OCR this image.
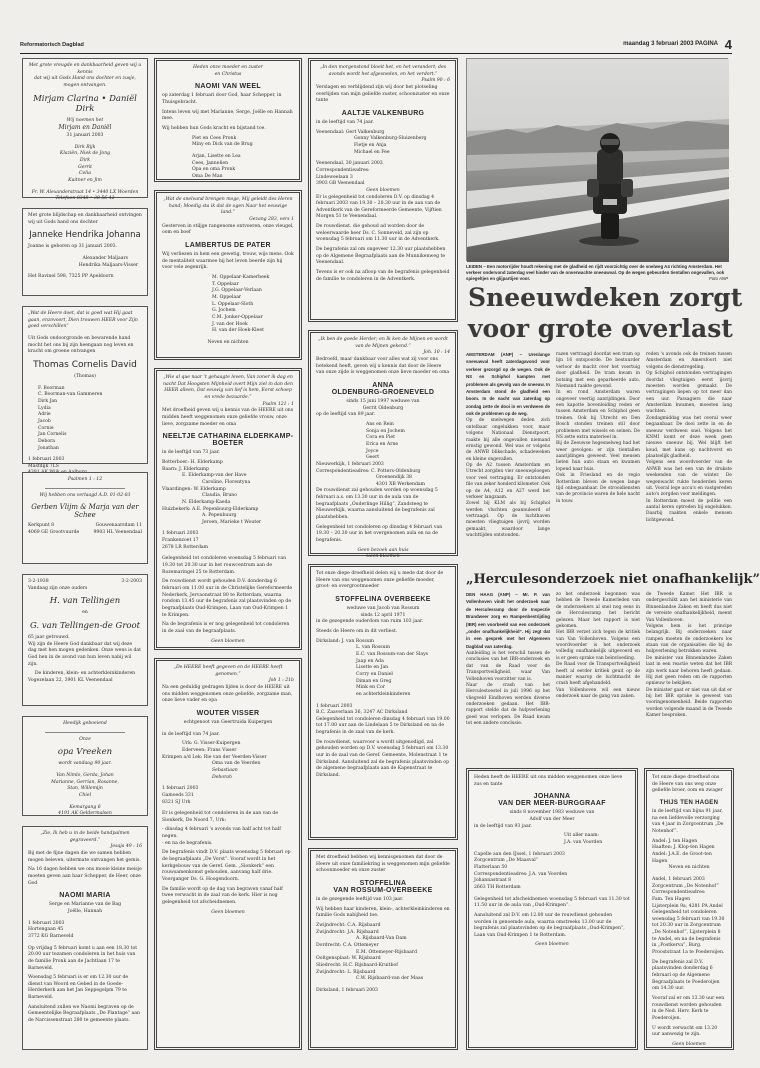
Reformatorisch Dagblad	maandag 3 februari 2003 PAGINA 4
Met grote vreugde en dankbaarheid geven wij u kennis
dat wij uit Gods Hand ons dochter en zusje,
mogen ontvangen.
Mirjam Clarina • Daniël Dirk
Wij noemen het
Mirjam en Daniël
31 januari 2003
Dirk Rijk
Klaziën, Niek de Jong
Dirk
Gerrit
Celia
Kuitner en Jim
Fr. W. Alexanderstraat 14 • 3440 LX Woerden
Telefoon 0348 • 38 56 42
Met grote blijdschap en dankbaarheid ontvingen wij uit Gods hand ons dochter
Janneke Hendrika Johanna
Joanne is geboren op 31 januari 2003.
Alexander Maljaars
Hendrika Maljaars-Visser
Het Ravinel 598, 7325 PP Apeldoorn
„Wat de Heere doet, dat is goed wat Hij gaat gaan, enzovoort, Dien trouwen HEER voor Zijn goed verschillen”
Uit Gods ondoorgronde en bewarende hand mocht het ons bij zijn heengaan nog leven en kracht om groene ontvangen
Thomas Cornelis David
(Thomas)
F. Boorman
C. Boorman-van Gammeren
Dirk Jan
Lydia
Adrie
Jacob
Cornie
Jan Cornelis
Debora
Jonathan
1 februari 2003
Mastdijk 7LS
Psalmen 1 : 12
Wij hebben ons verlaagd A.D. 01-02-03
Gerben Vlijm & Marja van der Schee
Kerkpunt 8	Gouwenaarsdam 11
4069 GE Grootvuurde	9903 HL Veenendaal
3-2-1938	3-2-2003
Vandaag zijn onze ouders
H. van Tellingen
en
G. van Tellingen-de Groot
65 jaar getrouwd.

Wij zijn de Heere God dankbaar dat wij deze dag met hen mogen gedenken. Onze wens is dat God hen in de avond van hun leven nabij wil zijn.

De kinderen, klein- en achterkleinkinderen
Vogezelaan 22, 3901 KL Veenendaal
Heedijk geboeiend
Onze
opa Vreeken
wordt vandaag 90 jaar.
Van Nimlo, Gerda, Johan
Marianne, Gerrian, Rosanne,
Stan, Willemijn
Chiel
Kemargang 6
4191 AK Geldermalsen
„Zie, Ik heb u in de beide handpalmen gegraveerd.”
Jesaja 49 : 16

Bij met de fijne dagen die we samen hebben mogen beleven, uitermate ontvangen het gemis.

Na 16 dagen hebben we ons mooie kleine meisje moeten geven aan haar Schepper, de Heer, onze God

NAOMI MARIA
Serge en Marianne van de Bag
Joëlle, Hannah
1 februari 2003
Hortengaan 45
3772 KG Barneveld

Op vrijdag 5 februari komt u aan een 18.30 tot 20.00 uur tezamen condoleren in het huis van de familie Pronk aan de Jachtlaan 17 te Barneveld.

Woensdag 5 februari is er om 12.30 uur de dienst van Woord en Gebed in de Goede-Herderkerk aan het Jan Seppegelpm 79 te Barneveld.

Aansluitend zullen we Naomi begraven op de Gemeentelijke Begraafplaats „De Plantage” aan de Narcissenstraat 280 te gemeente plaats.

Heden onze moeder en zuster
en Christus
NAOMI VAN WEEL

op zaterdag 1 februari door God, haar Schepper, in Thuisgebracht.

Intens leven wij met Marianne, Serge, Joëlle en Hannah mee.

Wij hebben hun Gods kracht en bijstand toe.

Piet en Cees Pronk
Miny en Dick van de Brug
Arjan, Lisette en Lea
Cees, Jannelien
Opa en oma Pronk
Oma De Man
„Wat de snelvand brengen moge, Mij geleidt des Heren hand; Moedig sta ik dat de ogen Naar het eeuwige land.”
Gezang 283, vers 1

Gesterven in stiljge rangenome ontvoeren, onze vleugel, oom en boef

LAMBERTUS DE PATER

Wij verliezen in hem een gewetig, trouw, wijs mens. Ook de mentaliteit waarmee hij het leven beerde zijn hij voor vele zegenrijk.

M. Oppelaar-Kamerbeek
T. Oppelaar
J.G. Oppelaar-Verlaan
M. Oppelaar
L. Oppelaar-Sloth
G. Jochem
C.M. Jonker-Oppelaar
J. van der Hoek
H. van der Hoek-Kleet
Neven en nichten
„Wie al que naar ’t gehaagte leven, Van zoner ik dag en nacht Dat Hoogsten Mijnheid overt Mijn ziel in dan den HEER alleen, Dat eeuwig van lief is hem, Eerst schoep en vrede bezaarde.”
Psalm 121 : 1

Met droefheid geven wij u kennis van de HEERE uit ons midden heeft weggenomen onze geliefde vrouw, onze lieve, zorgzame moeder en oma

NEELTJE CATHARINA ELDERKAMP-BOETER

in de leeftijd van 73 jaar.

Botterboer: H. Elderkamp
Baarn: J. Elderkamp
E. Elderkamp-van der Have
Caroline, Florentyna
Vlaardingen: W. Elderkamp
Claudia, Bruno
N. Elderkamp-Kaeda
Huizbekerk: A.E. Pepenbuurg-Elderkamp
A. Pepenbuurg
Jeroen, Marieke t Wouter
1 februari 2003
Frankenzoet 17
2678 LR Rotterdam

Gelegenheid tot condoleren woensdag 5 februari van 19.30 tot 20.30 uur in het rouwcentrum aan de Rozemaringel 25 te Rotterdam.

De rouwdienst wordt gehouden D.V. donderdag 6 februari om 11.00 uur in de Christelijke Gereformeerde Nederkerk, Jervaonstraat 80 te Rotterdam, waarna rondom 13.45 uur de begrafenis zal plaatsvinden op de begraafplaats Oud-Krimpen, Laan van Oud-Krimpen 1 te Krimpen.

Na de begrafenis is er nog gelegenheid tot condoleren in de zaal van de begraafplaats.

Geen bloemen
„De HEERE heeft gegeven en de HEERE heeft genomen.”
Job 1 : 21b

Na een geduldig gedragen lijden is door de HEERE uit ons midden weggenomen onze geliefde, zorgzame man, onze lieve vader en opa

WOUTER VISSER
echtgenoot van Geertruida Kuipergen

in de leeftijd van 74 jaar.

Urk: G. Visser-Kuipergen
Ederveen: Frans Visser
Krimpen a/d Lek: Rie van der Veerden-Visser
Oma van de Veerden
Sebastiaan
Deborah
1 februari 2003
Gamoeds 331
8321 SJ Urk

Er is gelegenheid tot condoleren in de aan van de Sionkerk, De Noord 7, Urk:

- dinsdag 4 februari 's avonds van half acht tot half negen.

- en na de begrafenis.

De begrafenis vindt D.V. plaats woensdag 5 februari op de begraafplaats „De Vorst”. Vooraf wordt in het kerkgebouw van de Geref. Gem. „Sionkerk” een rouwsamenkomst gehouden, aanvang half drie. Voorganger Ds. G. Hoogendoorn.

De familie wordt op de dag van begraven vanaf half twee verwacht in de zaal van de kerk. Hier is nog gelegenheid tot afscheidnemen.

Geen bloemen
„In den morgenstond bloeit het, en het verandert; des avonds wordt het afgesneden, en het verdort.”
Psalm 90 : 6

Verslagen en verblijdend zijn wij door het plotseling overlijden van mijn geliefde zuster, schoonzuster en onze tante

AALTJE VALKENBURG

in de leeftijd van 74 jaar.

Veenendaal: Gert Valkenburg
Gonny Valkenburg-Sluizenberg
Fietje en Anja
Michael en Fee
Veenendaal, 30 januari 2003
Correspondentieadres:
Lindeweelaan 3
3903 GB Veenendaal
Geen bloemen

Er is gelegenheid tot condoleren D.V. op dinsdag 4 februari 2003 van 19.30 – 20.30 uur in de aan van de Adventkerk van de Gereformeerde Gemeente, Vijftien Morgen 51 te Veenendaal.

De rouwdienst, die gehoud ad worden door de weleerwaarde heer Ds. C. Sonneveld, zal zijn op woensdag 5 februari om 11.30 uur in de Adventkerk.

De begrafenis zal om ongeveer 12.30 uur plaatshebben op de Algemene Begraafplaats aan de Munnikenweg te Veenendaal.

Tevens is er ook na afloop van de begrafenis gelegenheid de familie te condoleren in de Adventkerk.

„Ik ben de goede Herder; en Ik ken de Mijnen en wordt van de Mijnen gekend.”
Joh. 10 : 14

Bedroefd, maar dankbaar voor alles wat zij voor ons betekend heeft, geven wij u kennis dat door de Heere van onze zijde is weggenomen onze lieve moeder en oma

ANNA
OLDENBURG-GROENEVELD
sinds 15 juni 1997 weduwe van
Gerrit Oldenburg

op de leeftijd van 89 jaar.

Ans en Rein
Sonja en Jochem
Cora en Piet
Erica en Arne
Joyce
Geert
Nieuwerkijk, 1 februari 2003
Correspondentieadres: C. Potters-Oldenburg
Groenendijk 38
4301 XB Werkendam

De rouwdienst zal gehouden worden op woensdag 5 februari a.s. om 13.30 uur in de aula van de begraafplaats „Ouderlinge Hillig”, Zandsteeg te Nieuwerkijk, waarna aansluitend de begrafenis zal plaatshebben.

Gelegenheid tot condoleren op dinsdag 4 februari van 19.30 – 20.30 uur in het overgenomen aula en na de begrafenis.

Geen bezoek aan huis
Geen bloemen

Tot onze diepe droefheid delen wij u mede dat door de Heere van ons weggenomen onze geliefde moeder, groot- en overgrootmoeder

STOFFELINA OVERBEEKE
weduwe van Jacob van Rossum
sinds 12 april 1971

in de gezegende ouderdom van ruim 103 jaar.

Steeds de Heere om in dit verliest.

Dirksland: J. van Rossum
L. van Rossum
E.C. van Rossum-van der Slays
Jaap en Ada
Lisette en Jan
Corry en Daniel
Diman en Greg
Mink en Cor
en achterkleinkinderen
1 februari 2003
B.C. Zaaverlaan 36, 3247 AC Dirksland

Gelegenheid tot condoleren dinsdag 4 februari van 19.00 tot 17.00 uur aan de Lindelaan 5 te Dirksland en na de begrafenis in de zaal van de kerk.

De rouwdienst, waarvoor u wordt uitgenodigd, zal gehouden worden op D.V. woensdag 5 februari om 13.30 uur in de zaal van de Geref. Gemeente, Molenstraat 1 te Dirksland. Aansluitend zal de begrafenis plaatsvinden op de algemene begraafplaats aan de Kapenstraat te Dirksland.

Met droefheid hebben wij kennisgenomen dat door de Heere uit onze familiekring is weggenomen mijn geliefde schoonmoeder en onze zuster

STOFFELINA
VAN ROSSUM-OVERBEEKE

in de gezegende leeftijd van 103 jaar.

Wij hebben haar kinderen, klein-, achterkleinkinderen en familie Gods nabijheid toe.

Zwijndrecht: C.A. Rijsbaard
Zwijndrecht: J.A. Rijsbaard
A. Rijsbaard-Van Dam
Dordrecht: C.A. Ottemeyer
E.M. Ottemeyer-Rijsbaard
Ooltgensplaat: W. Rijsbaard
Sliedrecht: H.C. Rijsbaard-Kruitbof
Zwijndrecht: L. Rijsbaard
C.W. Rijsbaard-van der Maas
Dirksland, 1 februari 2003
LEIDEN – Een motorrijder houdt rekening met de gladheid en rijdt voorzichtig over de snelweg A4 richting Amsterdam. Het verkeer ondervond zaterdag veel hinder van de onverwachte sneeuwval. Op de wegen gebeurden tientallen ongevallen, ook spiegeltjes en glijpartijen voor.	Foto ANP
Sneeuwdeken zorgt
voor grote overlast

AMSTERDAM (ANP) – Urenlange sneeuwval heeft zaterdagavond voor verkeer gezorgd op de wegen. Ook de NS en Schiphol kampten met problemen als gevolg van de sneeuw. In Amsterdam stond de gladheid een boom. In de nacht van zaterdag op zondag zette de dooi in en verdween de ook de problemen op de weg.

Op de snelwegen deden zich ontelbaar ongelukken voor, maar volgens Nationaal Dienstpoort, raakte bij alle ongevallen niemand ernstig gewond. Wel was er volgens de ANWB blikschade, schadeweken en kleine ongevallen.

Op de A2 tussen Amsterdam en Utrecht zorgden vier sneeuwploegen voor veel vertraging. Er ontstonden file van zeker honderd kilometer. Ook op de A4, A12 en A27 werd het verkeer langzaam.

Zowel bij KLM als bij Schiphol werden vluchten geannuleerd of vertraagd. Op de luchthaven moesten vliegtuigen ijsvrij worden gemaakt, waardoor lange wachttijden ontstonden.

razen vertraagd doordat een tram op lijn 16 ontspoorde. De bestuurder verloor de macht over het voertuig door gladheid. De tram kwam in botsing met een geparkeerde auto. Niemand raakte gewond.

In en rond Amsterdam waren ongeveer veertig aanrijdingen. Door een kapotte bovenleiding reden er tussen Amsterdam en Schiphol geen treinen. Ook bij Utrecht en Den Bosch stonden treinen stil door problemen met wissels en seinen. De NS zette extra materieel in.

Bij de Zeeuwse hogesnelweg had het weer gevolgen: er zijn tientallen aanrijdingen geweest. Veel mensen lieten hun auto staan en kwamen lopend naar huis.

Ook in Friesland en de regio Rotterdam bleven de wegen lange tijd onbegaanbaar. De strooidiensten van de provincie waren de hele nacht in touw.

reden 's avonds ook de treinen tussen Amsterdam en Amersfoort niet volgens de dienstregeling.

Op Schiphol ontstonden vertragingen doordat vliegtuigen eerst ijsvrij moesten worden gemaakt. De vertragingen liepen op tot meer dan een uur. Passagiers die naar Amsterdam kwamen, moesten lang wachten.

Zondagmiddag was het overal weer begaanbaar. De dooi zette in en de sneeuw verdween snel. Volgens het KNMI komt er deze week geen nieuwe sneeuw bij. Wel blijft het koud, met kans op nachtvorst en plaatselijk gladheid.

Volgens een woordvoerder van de ANWB was het een van de drukste weekenden van de winter. De wegenwacht rukte honderden keren uit. Vooral lege accu's en vastgereden auto's zorgden voor meldingen.

In Rotterdam moest de politie een aantal keren optreden bij ongelukken. Daarbij raakten enkele mensen lichtgewond.

„Herculesonderzoek niet onafhankelijk”

DEN HAAG (ANP) – Mr. P. van Vollenhoven vindt het onderzoek naar de Herculesramp door de Inspectie Brandweer zorg en Rampenbestrijding (IBR) een voorbeeld van een onderzoek „onder onafhankelijkheid”. Hij zegt dat in een gesprek met het Algemeen Dagblad van zaterdag.

Aanleiding is het verschil tussen de conclusies van het IBR-onderzoek en dat van de Raad voor de Transportveiligheid, waar Van Vollenhoven voorzitter van is.

Naar de crash van het Herculestoestel in juli 1996 op het vliegveld Eindhoven werden diverse onderzoeken gedaan. Het IBR-rapport stelde dat de hulpverlening goed was verlopen. De Raad kwam tot een andere conclusie.

zo het onderzoek begonnen was hebben de Tweede Kamerleden van de onderzoekers al snel nog eens in de Herculesramp het bericht gelezen. Maar het rapport is niet gekomen.

Het IBR verzet zich tegen de kritiek van Van Vollenhoven. Volgens een woordvoerder is het onderzoek volledig onafhankelijk uitgevoerd en is er geen sprake van beïnvloeding.

De Raad voor de Transportveiligheid heeft al eerder kritiek geuit op de manier waarop de luchtmacht de crash heeft afgehandeld.

Van Vollenhoven wil een nieuw onderzoek naar de gang van zaken.

de Tweede Kamer. Het IBR is ondergeschikt aan het ministerie van Binnenlandse Zaken en heeft dus niet de vereiste onafhankelijkheid, meent Van Vollenhoven.

Volgens hem is het principe belangrijk. Bij onderzoeken naar rampen moeten de onderzoekers los staan van de organisaties die bij de hulpverlening betrokken waren.

De minister van Binnenlandse Zaken laat in een reactie weten dat het IBR zijn werk naar behoren heeft gedaan. Hij ziet geen reden om de rapporten opnieuw te bekijken.

De minister gaat er niet van uit dat er bij het IBR sprake is geweest van vooringenomenheid. Beide rapporten worden volgende maand in de Tweede Kamer besproken.

Heden heeft de HEERE uit ons midden weggenomen onze lieve zus en tante

JOHANNA
VAN DER MEER-BURGGRAAF
sinds 8 november 1983 weduwe van
Adolf van der Meer

in de leeftijd van 93 jaar.

Uit aller naam:
J.A. van Voorden
Capelle aan den IJssel, 1 februari 2003
Zorgcentrum „De Maasval”
Flatterlaan 50
Correspondentieadres: J.A. van Voorden
Johannastraat 8
2663 TH Rotterdam

Gelegenheid tot afscheidnemen woensdag 5 februari van 11.30 tot 11.50 uur in de aula van „Oud-Krimpen”.

Aansluitend zal D.V. om 12.00 uur de rouwdienst gehouden worden in genoemde aula, waarna omstreeks 13.00 uur de begrafenis zal plaatsvinden op de begraafplaats „Oud-Krimpen”, Laan van Oud-Krimpen 1 te Rotterdam.

Geen bloemen

Tot onze diepe droefheid ons de Heere van ons weg onze geliefde broer, oom en zwager

THIJS TEN HAGEN

in de leeftijd van bijna 91 jaar, na een liefdevolle verzorging van 4 jaar in Zorgcentrum „De Notenhof”.

Andel: J. ten Hagen
Haaften: J. Klop-ten Hagen
Andel: J.A.E. de Groot-ten Hagen
Neven en nichten
Andel, 1 februari 2003
Zorgcentrum „De Notenhof”
Correspondentieadres:
Fam. Ten Hagen
Lijsterplein 9a, 4281 PA Andel

Gelegenheid tot condoleren woensdag 5 februari van 19.30 tot 20.30 uur in Zorgcentrum „De Notenhof”, Lijsterplein 8 te Andel, en na de begrafenis in „Postkerva”, Burg. Prooststraat 1a te Poederoijen.

De begrafenis zal D.V. plaatsvinden donderdag 6 februari op de Algemene Begraafplaats te Poederoijen om 14.30 uur.

Vooraf zal er om 13.30 uur een rouwdienst worden gehouden in de Ned. Herv. Kerk te Poederoijen.

U wordt verwacht om 13.20 uur aanwezig te zijn.

Geen bloemen
